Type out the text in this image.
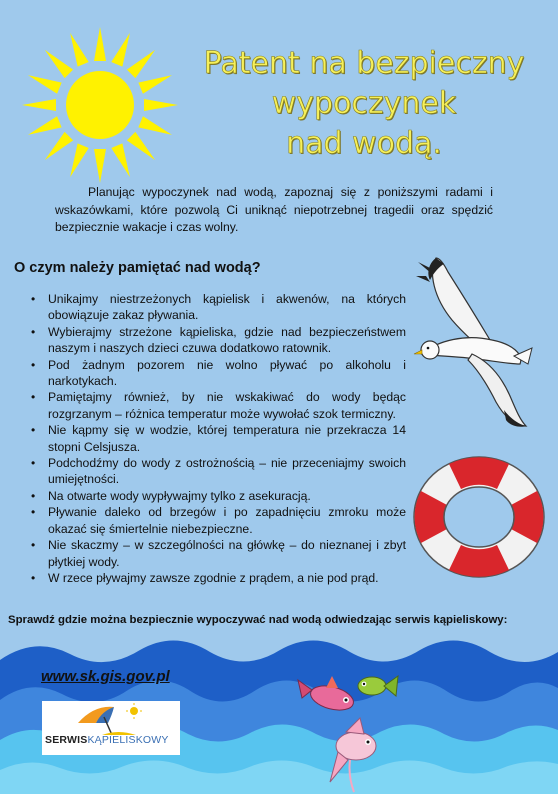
Patent na bezpieczny
wypoczynek
nad wodą.
Planując wypoczynek nad wodą, zapoznaj się z poniższymi radami i wskazówkami, które pozwolą Ci uniknąć niepotrzebnej tragedii oraz spędzić bezpiecznie wakacje i czas wolny.
O czym należy pamiętać nad wodą?
• Unikajmy niestrzeżonych kąpielisk i akwenów, na których obowiązuje zakaz pływania.
• Wybierajmy strzeżone kąpieliska, gdzie nad bezpieczeństwem naszym i naszych dzieci czuwa dodatkowo ratownik.
• Pod żadnym pozorem nie wolno pływać po alkoholu i narkotykach.
• Pamiętajmy również, by nie wskakiwać do wody będąc rozgrzanym – różnica temperatur może wywołać szok termiczny.
• Nie kąpmy się w wodzie, której temperatura nie przekracza 14 stopni Celsjusza.
• Podchodźmy do wody z ostrożnością – nie przeceniajmy swoich umiejętności.
• Na otwarte wody wypływajmy tylko z asekuracją.
• Pływanie daleko od brzegów i po zapadnięciu zmroku może okazać się śmiertelnie niebezpieczne.
• Nie skaczmy – w szczególności na główkę – do nieznanej i zbyt płytkiej wody.
• W rzece pływajmy zawsze zgodnie z prądem, a nie pod prąd.
Sprawdź gdzie można bezpiecznie wypoczywać nad wodą odwiedzając serwis kąpieliskowy:
www.sk.gis.gov.pl
SERWISKĄPIELISKOWY
